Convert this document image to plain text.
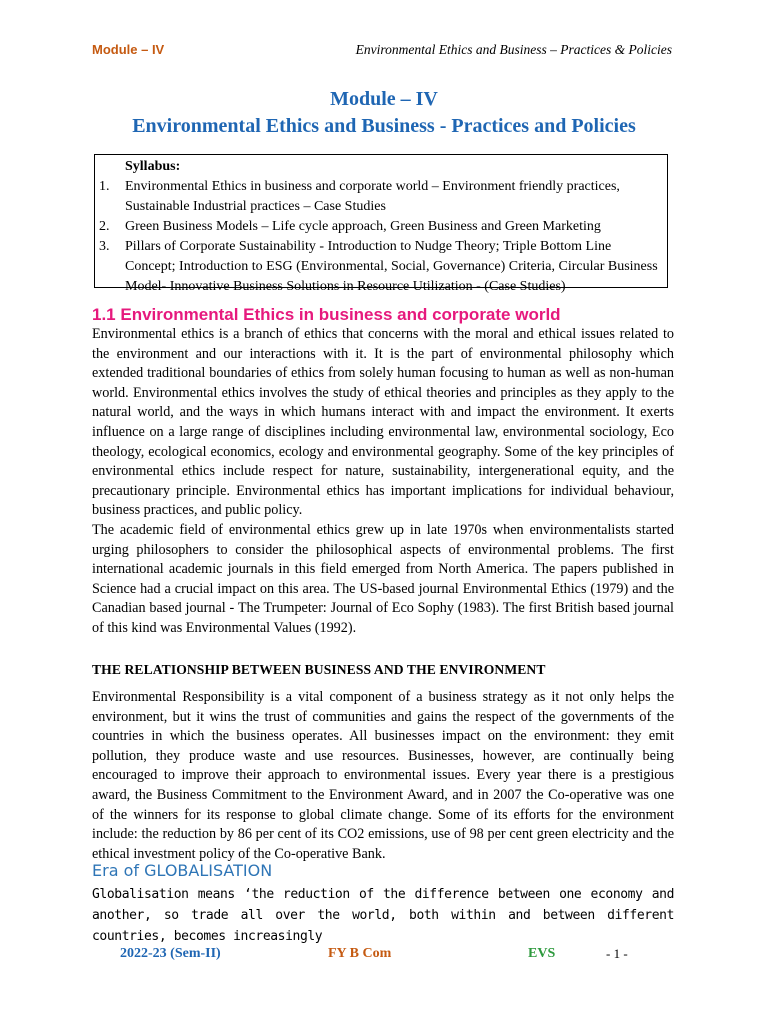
Module – IV	Environmental Ethics and Business – Practices & Policies
Module – IV
Environmental Ethics and Business - Practices and Policies
Syllabus:
1.	Environmental Ethics in business and corporate world – Environment friendly practices, Sustainable Industrial practices – Case Studies
2.	Green Business Models – Life cycle approach, Green Business and Green Marketing
3.	Pillars of Corporate Sustainability - Introduction to Nudge Theory; Triple Bottom Line Concept; Introduction to ESG (Environmental, Social, Governance) Criteria, Circular Business Model- Innovative Business Solutions in Resource Utilization - (Case Studies)
1.1 Environmental Ethics in business and corporate world

Environmental ethics is a branch of ethics that concerns with the moral and ethical issues related to the environment and our interactions with it. It is the part of environmental philosophy which extended traditional boundaries of ethics from solely human focusing to human as well as non-human world. Environmental ethics involves the study of ethical theories and principles as they apply to the natural world, and the ways in which humans interact with and impact the environment. It exerts influence on a large range of disciplines including environmental law, environmental sociology, Eco theology, ecological economics, ecology and environmental geography. Some of the key principles of environmental ethics include respect for nature, sustainability, intergenerational equity, and the precautionary principle. Environmental ethics has important implications for individual behaviour, business practices, and public policy.

The academic field of environmental ethics grew up in late 1970s when environmentalists started urging philosophers to consider the philosophical aspects of environmental problems. The first international academic journals in this field emerged from North America. The papers published in Science had a crucial impact on this area. The US-based journal Environmental Ethics (1979) and the Canadian based journal - The Trumpeter: Journal of Eco Sophy (1983). The first British based journal of this kind was Environmental Values (1992).

THE RELATIONSHIP BETWEEN BUSINESS AND THE ENVIRONMENT

Environmental Responsibility is a vital component of a business strategy as it not only helps the environment, but it wins the trust of communities and gains the respect of the governments of the countries in which the business operates. All businesses impact on the environment: they emit pollution, they produce waste and use resources. Businesses, however, are continually being encouraged to improve their approach to environmental issues. Every year there is a prestigious award, the Business Commitment to the Environment Award, and in 2007 the Co-operative was one of the winners for its response to global climate change. Some of its efforts for the environment include: the reduction by 86 per cent of its CO2 emissions, use of 98 per cent green electricity and the ethical investment policy of the Co-operative Bank.

Era of GLOBALISATION

Globalisation means ‘the reduction of the difference between one economy and another, so trade all over the world, both within and between different countries, becomes increasingly

2022-23 (Sem-II)	FY B Com	EVS	- 1 -
